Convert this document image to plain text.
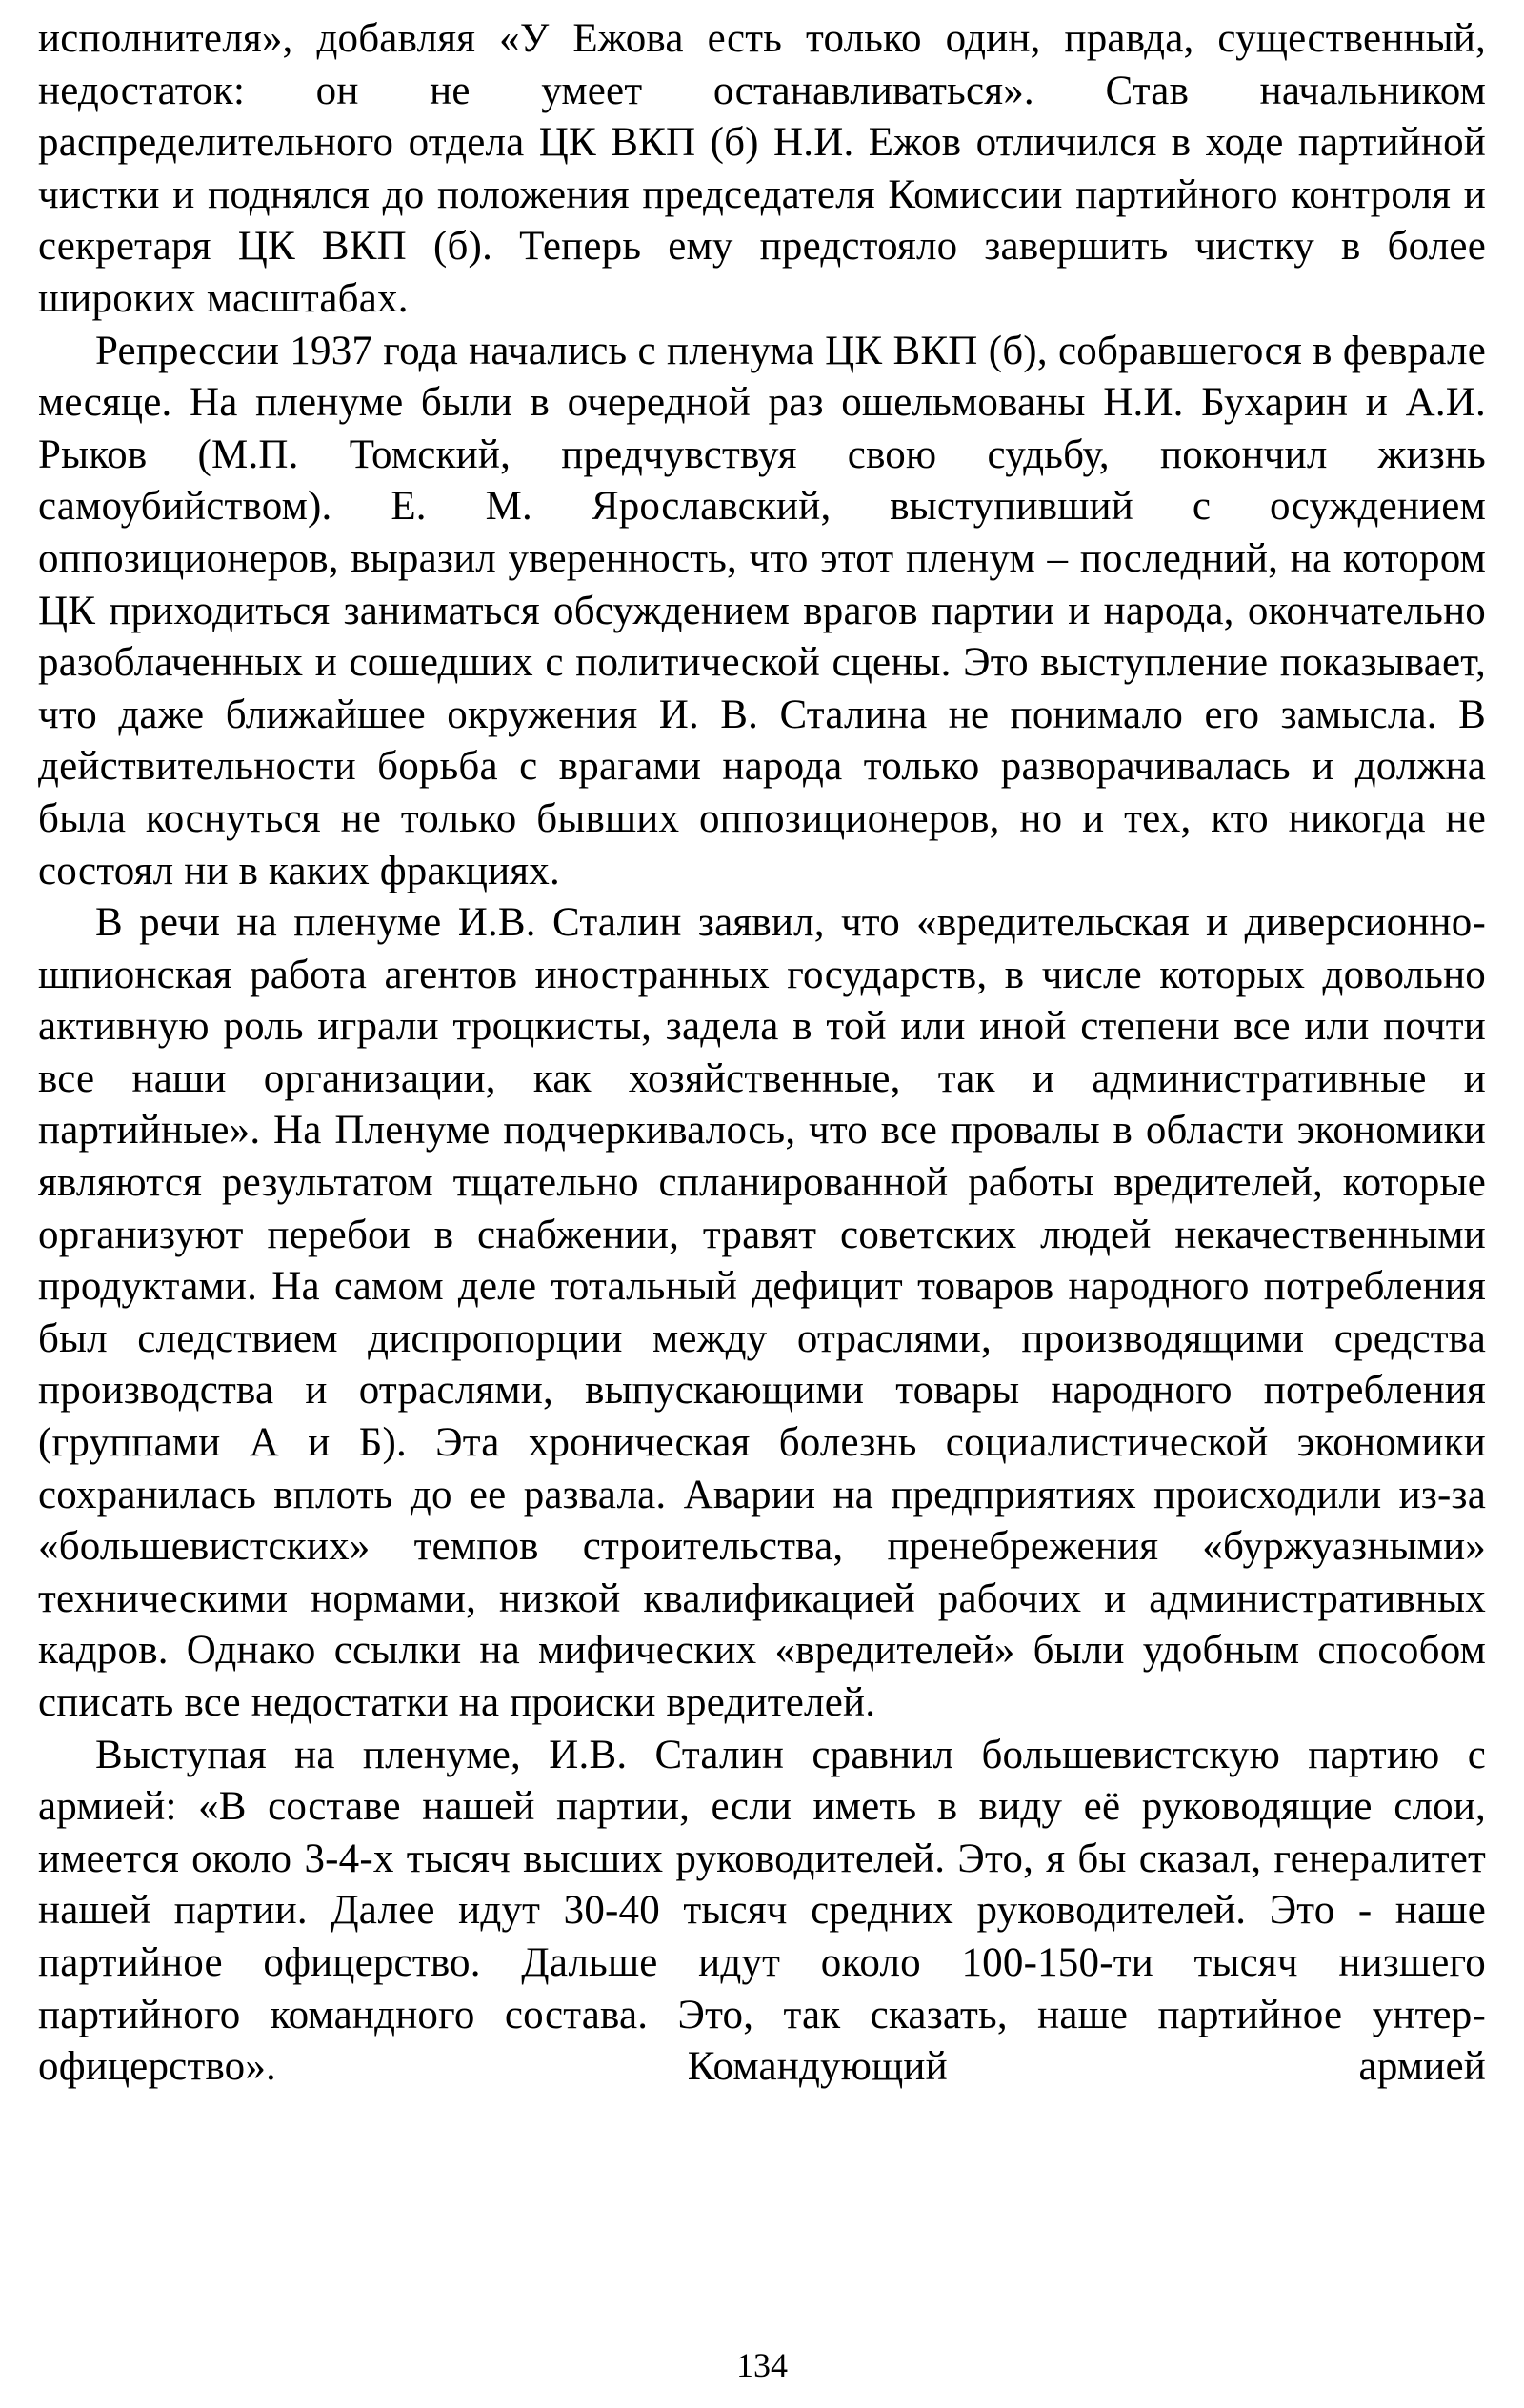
исполнителя», добавляя «У Ежова есть только один, правда, существенный, недостаток: он не умеет останавливаться». Став начальником распределительного отдела ЦК ВКП (б) Н.И. Ежов отличился в ходе партийной чистки и поднялся до положения председателя Комиссии партийного контроля и секретаря ЦК ВКП (б). Теперь ему предстояло завершить чистку в более широких масштабах.

Репрессии 1937 года начались с пленума ЦК ВКП (б), собравшегося в феврале месяце. На пленуме были в очередной раз ошельмованы Н.И. Бухарин и А.И. Рыков (М.П. Томский, предчувствуя свою судьбу, покончил жизнь самоубийством). Е. М. Ярославский, выступивший с осуждением оппозиционеров, выразил уверенность, что этот пленум – последний, на котором ЦК приходиться заниматься обсуждением врагов партии и народа, окончательно разоблаченных и сошедших с политической сцены. Это выступление показывает, что даже ближайшее окружения И. В. Сталина не понимало его замысла. В действительности борьба с врагами народа только разворачивалась и должна была коснуться не только бывших оппозиционеров, но и тех, кто никогда не состоял ни в каких фракциях.

В речи на пленуме И.В. Сталин заявил, что «вредительская и диверсионно-шпионская работа агентов иностранных государств, в числе которых довольно активную роль играли троцкисты, задела в той или иной степени все или почти все наши организации, как хозяйственные, так и административные и партийные». На Пленуме подчеркивалось, что все провалы в области экономики являются результатом тщательно спланированной работы вредителей, которые организуют перебои в снабжении, травят советских людей некачественными продуктами. На самом деле тотальный дефицит товаров народного потребления был следствием диспропорции между отраслями, производящими средства производства и отраслями, выпускающими товары народного потребления (группами А и Б). Эта хроническая болезнь социалистической экономики сохранилась вплоть до ее развала. Аварии на предприятиях происходили из-за «большевистских» темпов строительства, пренебрежения «буржуазными» техническими нормами, низкой квалификацией рабочих и административных кадров. Однако ссылки на мифических «вредителей» были удобным способом списать все недостатки на происки вредителей.

Выступая на пленуме, И.В. Сталин сравнил большевистскую партию с армией: «В составе нашей партии, если иметь в виду её руководящие слои, имеется около 3-4-х тысяч высших руководителей. Это, я бы сказал, генералитет нашей партии. Далее идут 30-40 тысяч средних руководителей. Это - наше партийное офицерство. Дальше идут около 100-150-ти тысяч низшего партийного командного состава. Это, так сказать, наше партийное унтер-офицерство». Командующий армией

134
